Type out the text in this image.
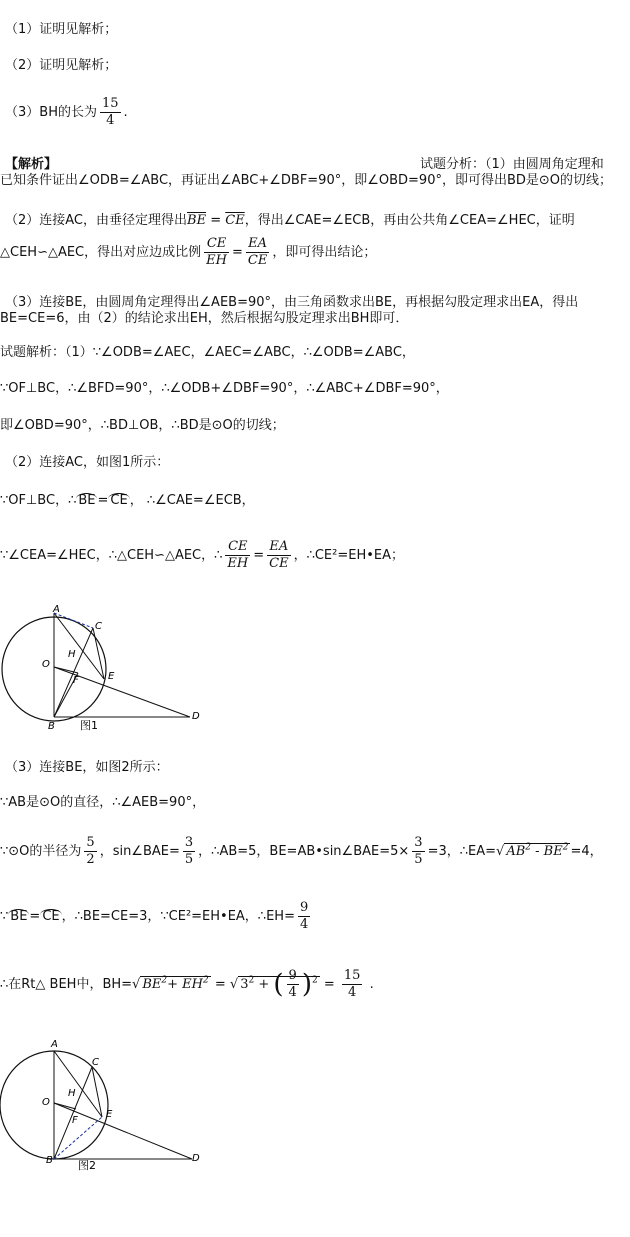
（1）证明见解析；
（2）证明见解析；
（3）BH的长为 $\frac{15}{4}$ .
【解析】	试题分析：（1）由圆周角定理和
已知条件证出∠ODB=∠ABC，再证出∠ABC+∠DBF=90°，即∠OBD=90°，即可得出BD是⊙O的切线；
（2）连接AC，由垂径定理得出$\overline{BE} = \overline{CE}$，得出∠CAE=∠ECB，再由公共角∠CEA=∠HEC，证明
△CEH∽△AEC，得出对应边成比例 $\frac{CE}{EH} = \frac{EA}{CE}$ ，即可得出结论；
（3）连接BE，由圆周角定理得出∠AEB=90°，由三角函数求出BE，再根据勾股定理求出EA，得出
BE=CE=6，由（2）的结论求出EH，然后根据勾股定理求出BH即可．
试题解析：（1）∵∠ODB=∠AEC，∠AEC=∠ABC，∴∠ODB=∠ABC，
∵OF⊥BC，∴∠BFD=90°，∴∠ODB+∠DBF=90°，∴∠ABC+∠DBF=90°，
即∠OBD=90°，∴BD⊥OB，∴BD是⊙O的切线；
（2）连接AC，如图1所示：
∵OF⊥BC，∴ BE = CE ， ∴∠CAE=∠ECB，
∵∠CEA=∠HEC，∴△CEH∽△AEC，∴ $\frac{CE}{EH} = \frac{EA}{CE}$ ，∴CE²=EH•EA；
A
C
H
O
F	E
B
D
图1
（3）连接BE，如图2所示：
∵AB是⊙O的直径，∴∠AEB=90°，
∵⊙O的半径为 $\frac{5}{2}$ ，sin∠BAE= $\frac{3}{5}$ ，∴AB=5，BE=AB•sin∠BAE=5× $\frac{3}{5} =3$，∴EA=√ $AB^2 - BE^2 =4$，
∵ BE = CE ，∴BE=CE=3，∵CE²=EH•EA，∴EH= $\frac{9}{4}$
∴在Rt△ BEH中，BH=√ $BE^2+ EH^2$ = √ $3^2$ + ( $\frac{9}{4} )^2 = \frac{15}{4}$ .
A
C
H
O
F
E
B	D
图2
